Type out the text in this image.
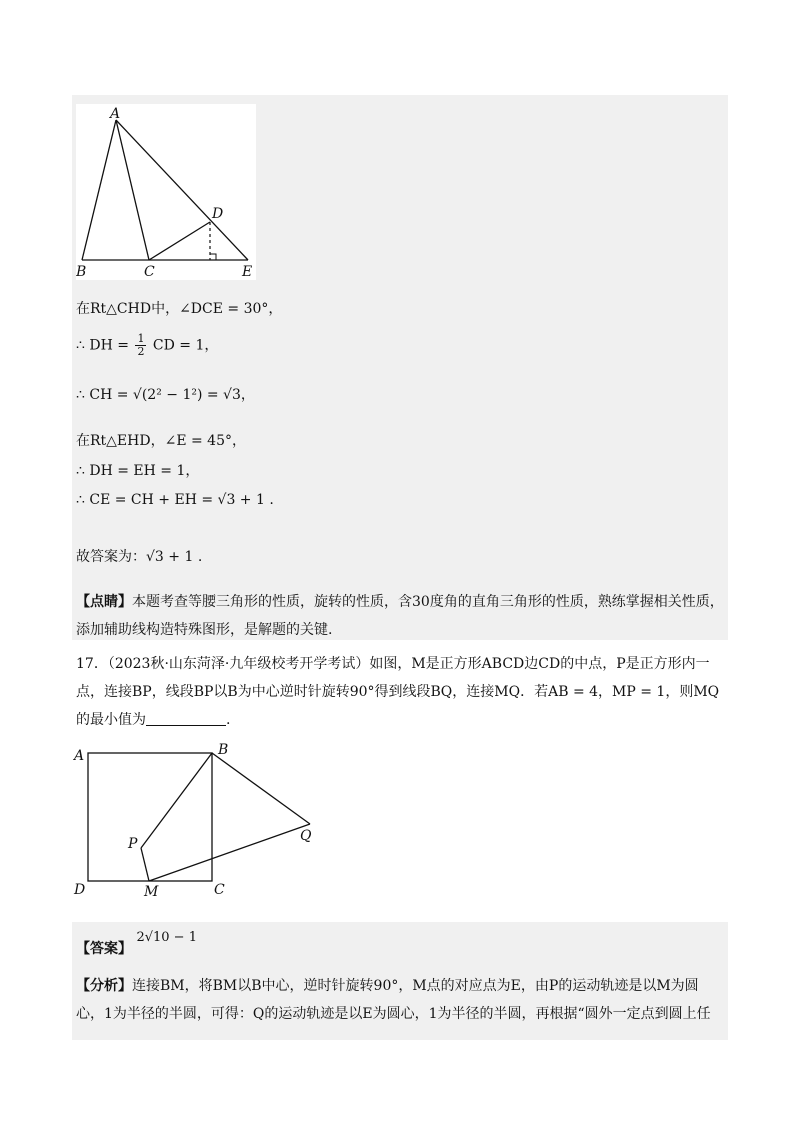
A
B	C
D
E
在Rt△CHD中，∠DCE = 30°，
∴ DH = $\frac{1}{2}$ CD = 1，
∴ CH = √(2² − 1²) = √3，
在Rt△EHD，∠E = 45°，
∴ DH = EH = 1，
∴ CE = CH + EH = √3 + 1 .
故答案为：√3 + 1 .
【点睛】本题考查等腰三角形的性质，旋转的性质，含30度角的直角三角形的性质，熟练掌握相关性质，添加辅助线构造特殊图形，是解题的关键.
17．（2023秋·山东菏泽·九年级校考开学考试）如图，M是正方形ABCD边CD的中点，P是正方形内一点，连接BP，线段BP以B为中心逆时针旋转90°得到线段BQ，连接MQ．若AB = 4，MP = 1，则MQ的最小值为	.
A	B
C
D	M
P	Q
【答案】 2√10 − 1
【分析】连接BM，将BM以B中心，逆时针旋转90°，M点的对应点为E，由P的运动轨迹是以M为圆心，1为半径的半圆，可得：Q的运动轨迹是以E为圆心，1为半径的半圆，再根据“圆外一定点到圆上任
